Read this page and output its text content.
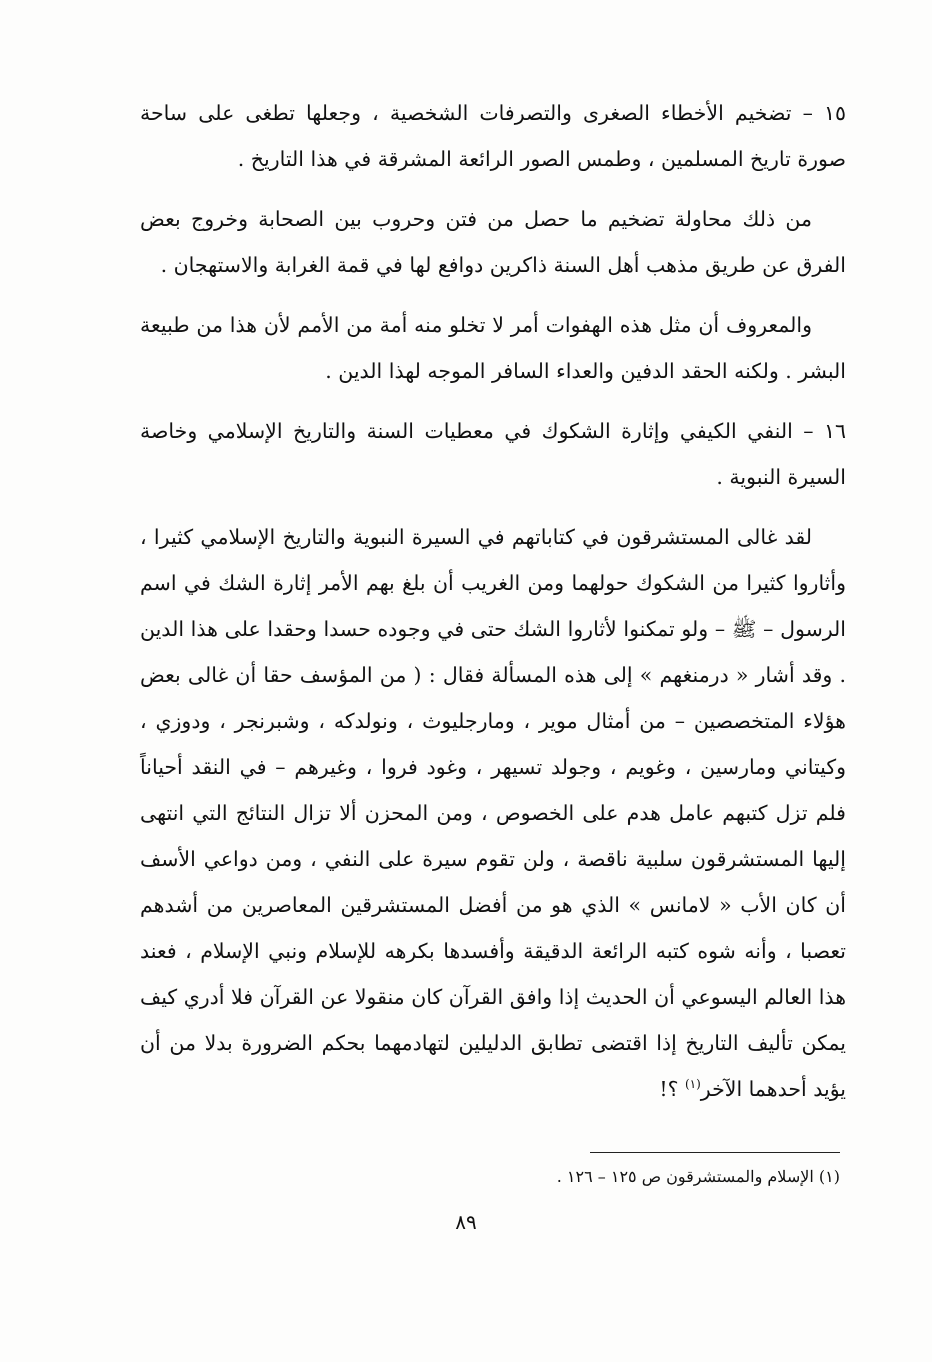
١٥ – تضخيم الأخطاء الصغرى والتصرفات الشخصية ، وجعلها تطغى على ساحة صورة تاريخ المسلمين ، وطمس الصور الرائعة المشرقة في هذا التاريخ .

من ذلك محاولة تضخيم ما حصل من فتن وحروب بين الصحابة وخروج بعض الفرق عن طريق مذهب أهل السنة ذاكرين دوافع لها في قمة الغرابة والاستهجان .

والمعروف أن مثل هذه الهفوات أمر لا تخلو منه أمة من الأمم لأن هذا من طبيعة البشر . ولكنه الحقد الدفين والعداء السافر الموجه لهذا الدين .

١٦ – النفي الكيفي وإثارة الشكوك في معطيات السنة والتاريخ الإسلامي وخاصة السيرة النبوية .

لقد غالى المستشرقون في كتاباتهم في السيرة النبوية والتاريخ الإسلامي كثيرا ، وأثاروا كثيرا من الشكوك حولهما ومن الغريب أن بلغ بهم الأمر إثارة الشك في اسم الرسول – ﷺ – ولو تمكنوا لأثاروا الشك حتى في وجوده حسدا وحقدا على هذا الدين . وقد أشار « درمنغهم » إلى هذه المسألة فقال : ( من المؤسف حقا أن غالى بعض هؤلاء المتخصصين – من أمثال موير ، ومارجليوث ، ونولدكه ، وشبرنجر ، ودوزي ، وكيتاني ومارسين ، وغويم ، وجولد تسيهر ، وغود فروا ، وغيرهم – في النقد أحياناً فلم تزل كتبهم عامل هدم على الخصوص ، ومن المحزن ألا تزال النتائج التي انتهى إليها المستشرقون سلبية ناقصة ، ولن تقوم سيرة على النفي ، ومن دواعي الأسف أن كان الأب « لامانس » الذي هو من أفضل المستشرقين المعاصرين من أشدهم تعصبا ، وأنه شوه كتبه الرائعة الدقيقة وأفسدها بكرهه للإسلام ونبي الإسلام ، فعند هذا العالم اليسوعي أن الحديث إذا وافق القرآن كان منقولا عن القرآن فلا أدري كيف يمكن تأليف التاريخ إذا اقتضى تطابق الدليلين لتهادمهما بحكم الضرورة بدلا من أن يؤيد أحدهما الآخر$^{(١)}$ ؟!

(١) الإسلام والمستشرقون ص ١٢٥ – ١٢٦ .
٨٩
